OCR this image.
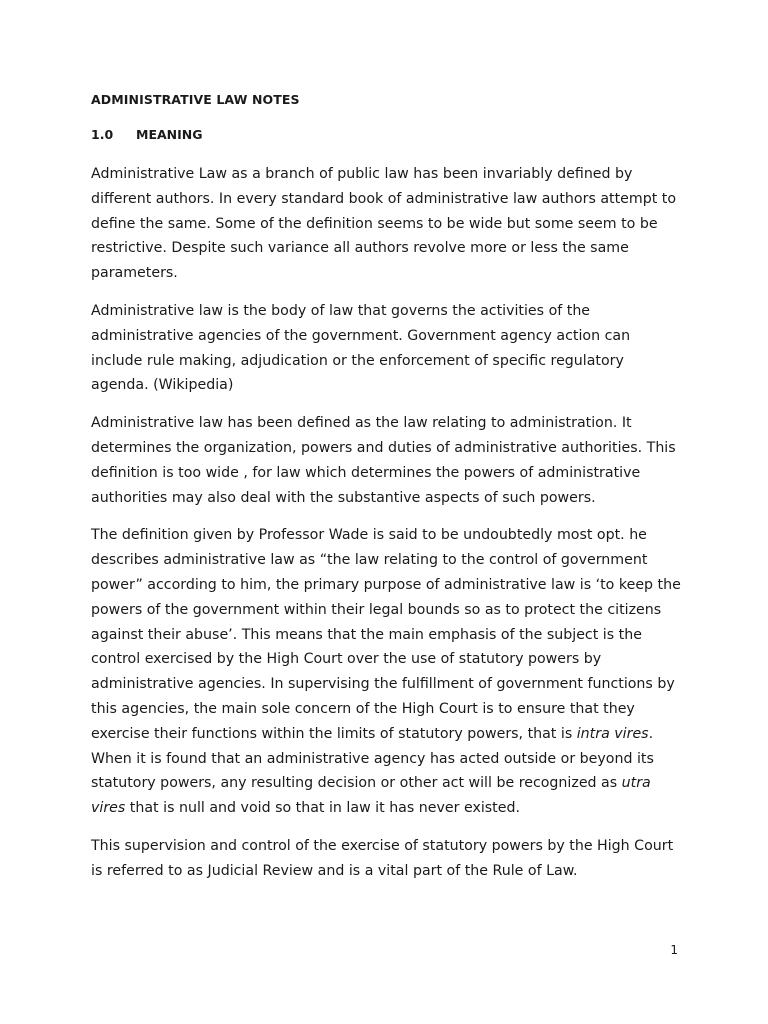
ADMINISTRATIVE LAW NOTES
1.0 MEANING

Administrative Law as a branch of public law has been invariably defined by different authors. In every standard book of administrative law authors attempt to define the same. Some of the definition seems to be wide but some seem to be restrictive. Despite such variance all authors revolve more or less the same parameters.

Administrative law is the body of law that governs the activities of the administrative agencies of the government. Government agency action can include rule making, adjudication or the enforcement of specific regulatory agenda. (Wikipedia)

Administrative law has been defined as the law relating to administration. It determines the organization, powers and duties of administrative authorities. This definition is too wide , for law which determines the powers of administrative authorities may also deal with the substantive aspects of such powers.

The definition given by Professor Wade is said to be undoubtedly most opt. he describes administrative law as “the law relating to the control of government power” according to him, the primary purpose of administrative law is ‘to keep the powers of the government within their legal bounds so as to protect the citizens against their abuse’. This means that the main emphasis of the subject is the control exercised by the High Court over the use of statutory powers by administrative agencies. In supervising the fulfillment of government functions by this agencies, the main sole concern of the High Court is to ensure that they exercise their functions within the limits of statutory powers, that is intra vires. When it is found that an administrative agency has acted outside or beyond its statutory powers, any resulting decision or other act will be recognized as utra vires that is null and void so that in law it has never existed.

This supervision and control of the exercise of statutory powers by the High Court is referred to as Judicial Review and is a vital part of the Rule of Law.

1
